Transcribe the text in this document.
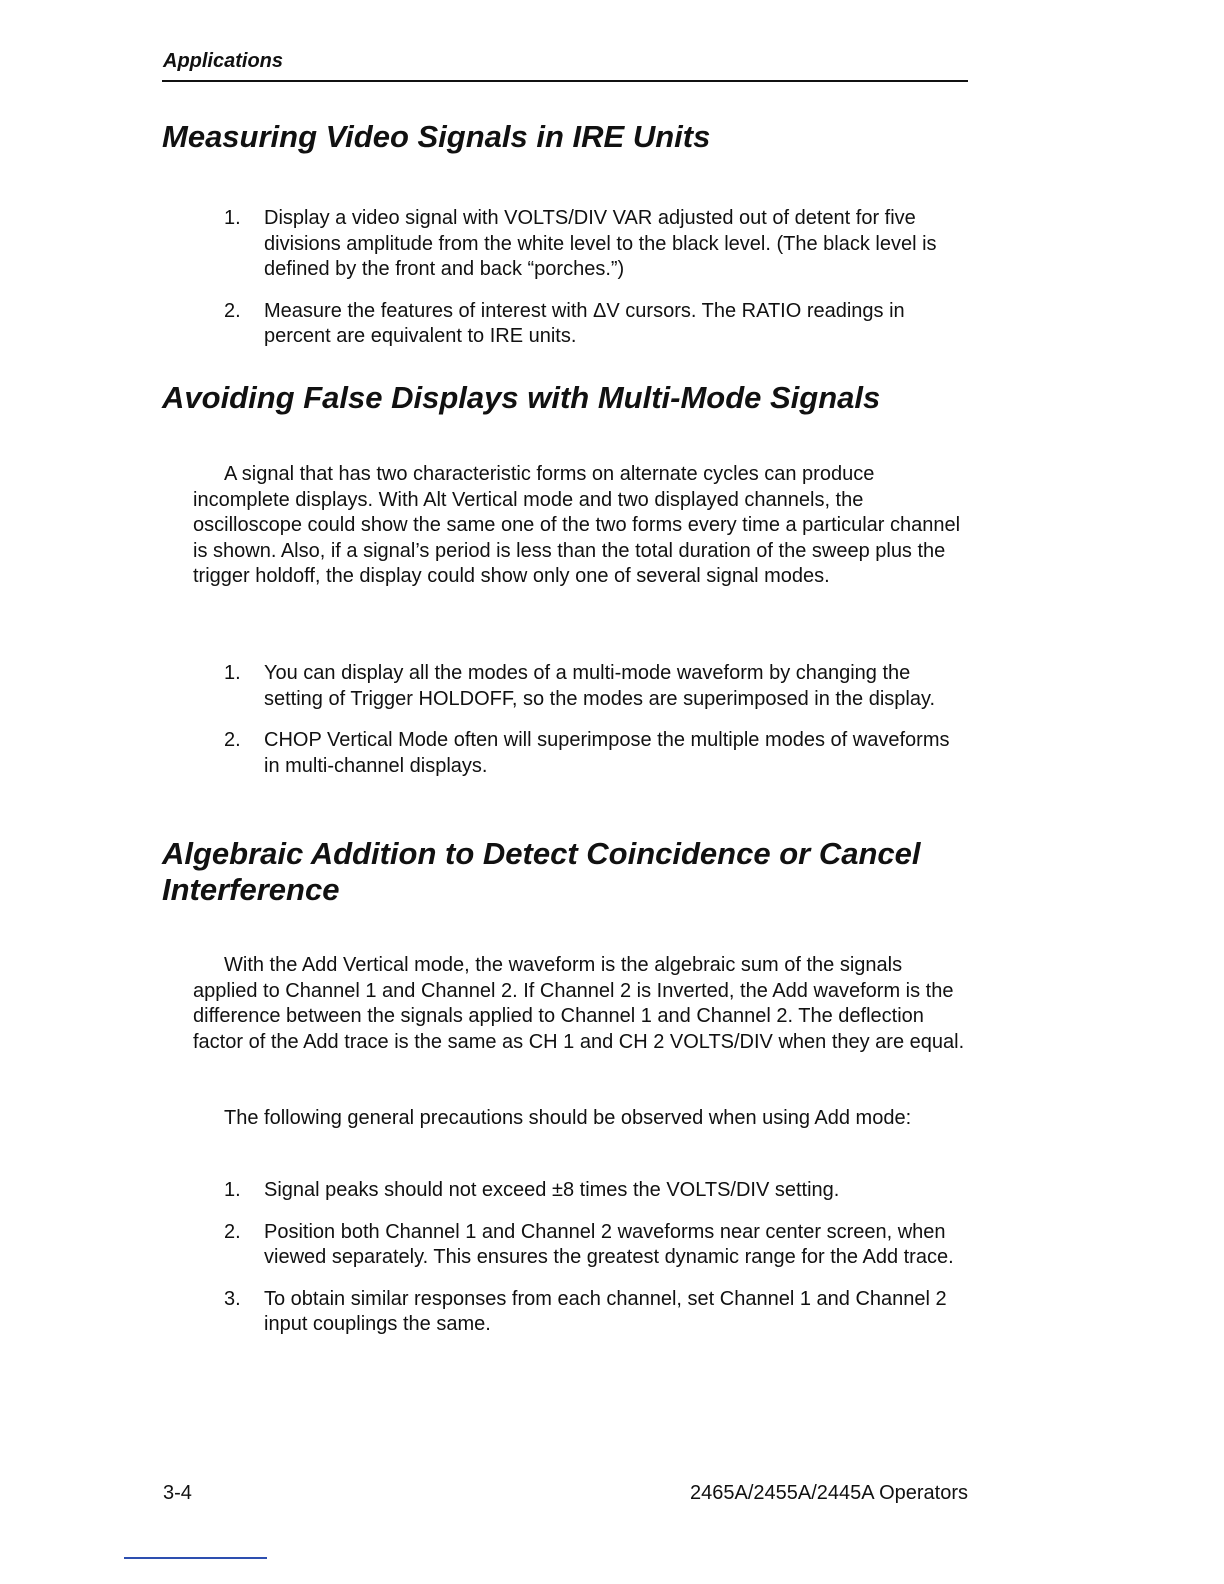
Applications
Measuring Video Signals in IRE Units
1. Display a video signal with VOLTS/DIV VAR adjusted out of detent for five divisions amplitude from the white level to the black level. (The black level is defined by the front and back “porches.”)
2. Measure the features of interest with ΔV cursors. The RATIO readings in percent are equivalent to IRE units.
Avoiding False Displays with Multi-Mode Signals

A signal that has two characteristic forms on alternate cycles can produce incomplete displays. With Alt Vertical mode and two displayed channels, the oscilloscope could show the same one of the two forms every time a particular channel is shown. Also, if a signal’s period is less than the total duration of the sweep plus the trigger holdoff, the display could show only one of several signal modes.

1. You can display all the modes of a multi-mode waveform by changing the setting of Trigger HOLDOFF, so the modes are superimposed in the display.
2. CHOP Vertical Mode often will superimpose the multiple modes of waveforms in multi-channel displays.
Algebraic Addition to Detect Coincidence or Cancel
Interference

With the Add Vertical mode, the waveform is the algebraic sum of the signals applied to Channel 1 and Channel 2. If Channel 2 is Inverted, the Add waveform is the difference between the signals applied to Channel 1 and Channel 2. The deflection factor of the Add trace is the same as CH 1 and CH 2 VOLTS/DIV when they are equal.

The following general precautions should be observed when using Add mode:

1. Signal peaks should not exceed ±8 times the VOLTS/DIV setting.
2. Position both Channel 1 and Channel 2 waveforms near center screen, when viewed separately. This ensures the greatest dynamic range for the Add trace.
3. To obtain similar responses from each channel, set Channel 1 and Channel 2 input couplings the same.
3-4	2465A/2455A/2445A Operators
